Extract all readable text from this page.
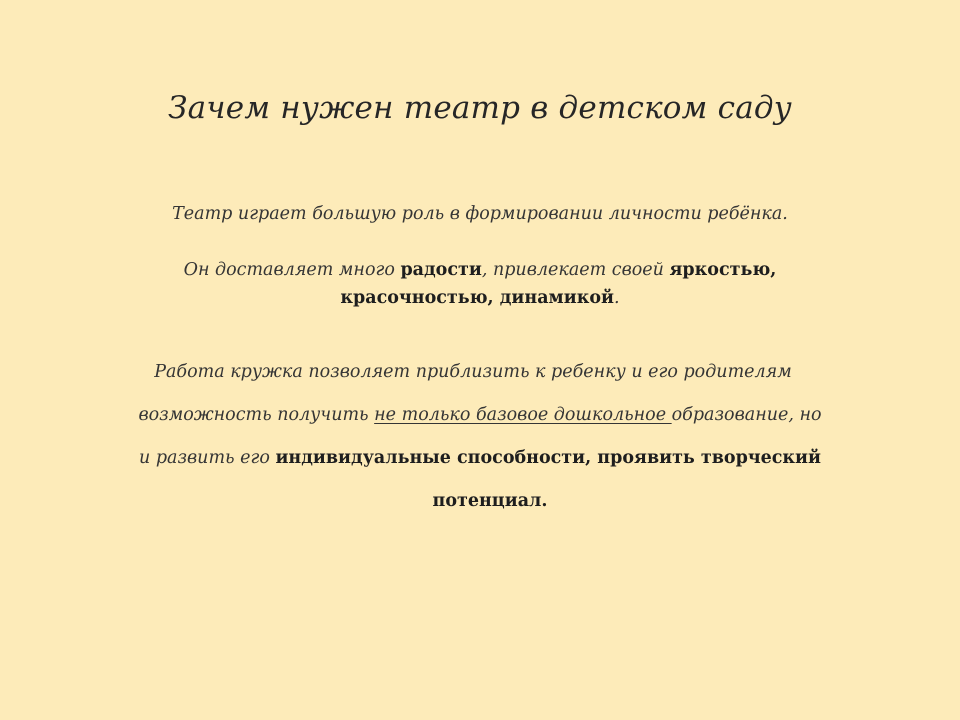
Зачем нужен театр в детском саду
Театр играет большую роль в формировании личности ребёнка.
Он доставляет много радости, привлекает своей яркостью,
красочностью, динамикой.
Работа кружка позволяет приблизить к ребенку и его родителям
возможность получить не только базовое дошкольное образование, но
и развить его индивидуальные способности, проявить творческий
потенциал.
